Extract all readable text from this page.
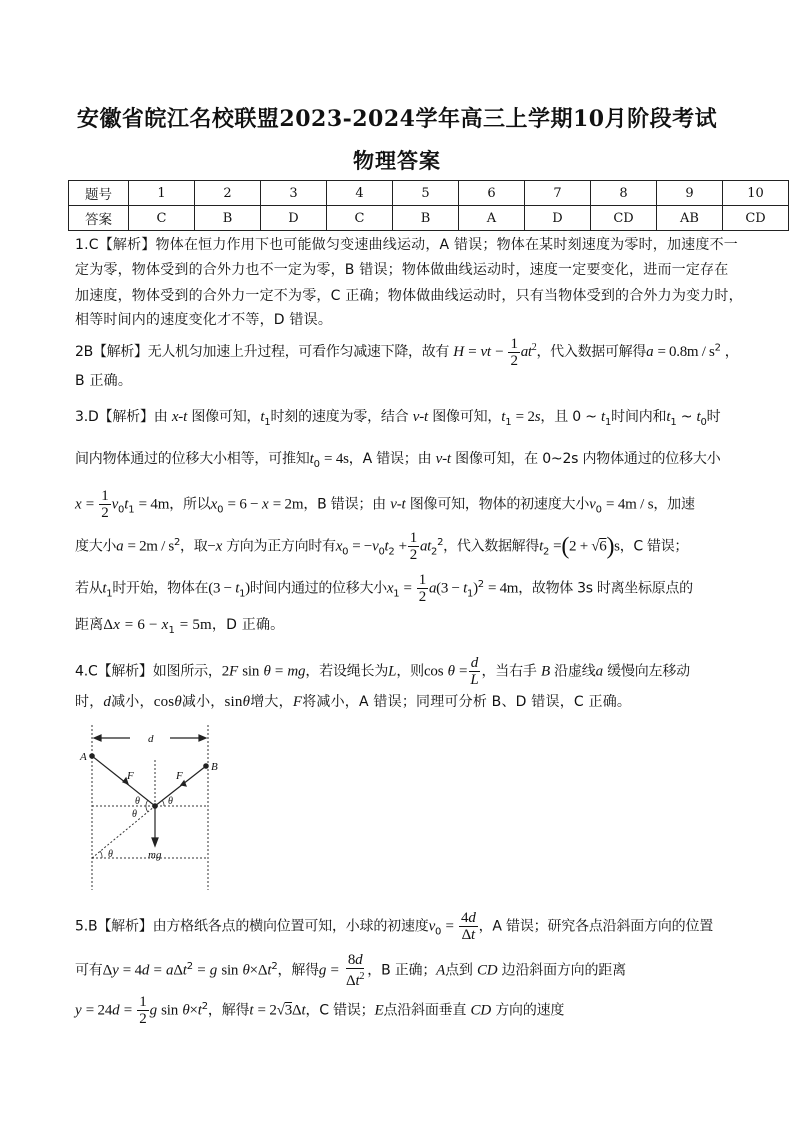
安徽省皖江名校联盟2023-2024学年高三上学期10月阶段考试
物理答案
题号	1	2	3	4	5	6	7	8	9	10
答案	C	B	D	C	B	A	D	CD	AB	CD
1.C【解析】物体在恒力作用下也可能做匀变速曲线运动，A 错误；物体在某时刻速度为零时，加速度不一
定为零，物体受到的合外力也不一定为零，B 错误；物体做曲线运动时，速度一定要变化，进而一定存在
加速度，物体受到的合外力一定不为零，C 正确；物体做曲线运动时，只有当物体受到的合外力为变力时，
相等时间内的速度变化才不等，D 错误。
2B【解析】无人机匀加速上升过程，可看作匀减速下降，故有 H = vt − $\frac{1}{2} at^2$，代入数据可解得$a = 0.8m / s^2$ ，
B 正确。
3.D【解析】由 x-t 图像可知，$t_1$时刻的速度为零，结合 v-t 图像可知，$t_1 = 2s$，且 0 ~ $t_1$时间内和$t_1$ ~ $t_0$时
间内物体通过的位移大小相等，可推知$t_0 = 4s$，A 错误；由 v-t 图像可知，在 0~2s 内物体通过的位移大小
$x = \frac{1}{2} v_0t_1 = 4m$，所以$x_0 = 6 - x = 2m$，B 错误；由 v-t 图像可知，物体的初速度大小$v_0 = 4m / s$，加速
度大小$a = 2m / s^2$，取−x 方向为正方向时有$x_0 = -v_0t_2 + \frac{1}{2} at_2^2$，代入数据解得$t_2 =(2 + √6)s$，C 错误；
若从$t_1$时开始，物体在$(3 - t_1)$时间内通过的位移大小$x_1 = \frac{1}{2} a(3 - t_1)^2 = 4m$，故物体 3s 时离坐标原点的
距离$\Delta x = 6 - x_1 = 5m$，D 正确。
4.C【解析】如图所示，2F sin θ = mg，若设绳长为L，则$\cos \theta = \frac{d}{L}$ ，当右手 B 沿虚线a 缓慢向左移动
时，d减小，cosθ减小，sinθ增大，F将减小，A 错误；同理可分析 B、D 错误，C 正确。
d
A
B
F	F
θ	θ
θ
θ	mg
5.B【解析】由方格纸各点的横向位置可知，小球的初速度$v_0 = \frac{4d}{\Delta t}$ ，A 错误；研究各点沿斜面方向的位置
可有Δy = 4d = aΔt$^2$ = g $\sin \theta\times\Delta t^2$，解得$g = \frac{8d}{\Delta t^2}$ ，B 正确；A点到 CD 边沿斜面方向的距离
$y = 24d = \frac{1}{2}$ g $\sin \theta\times t^2$，解得t = 2√3Δt，C 错误；E点沿斜面垂直 CD 方向的速度
